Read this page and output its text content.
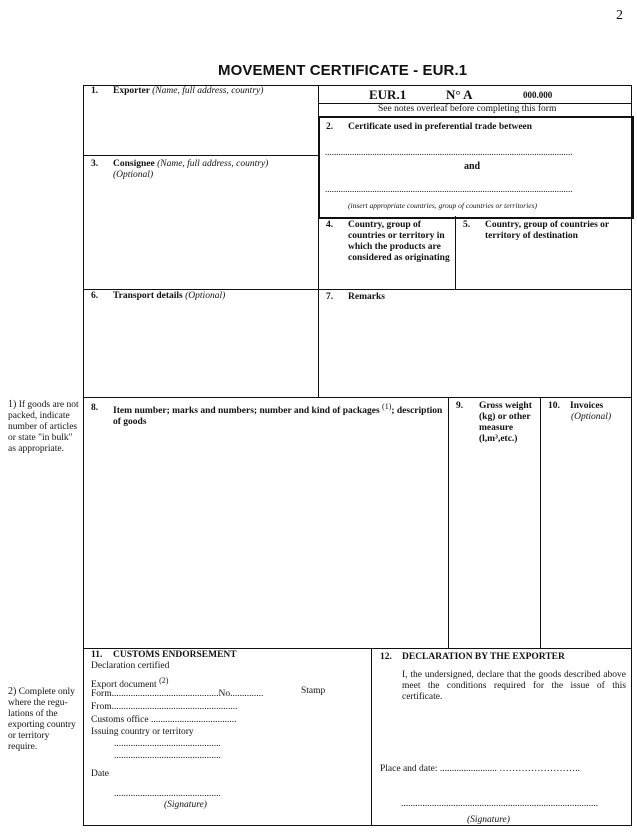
2
MOVEMENT CERTIFICATE - EUR.1
1. Exporter (Name, full address, country)	EUR.1	N° A	000.000
See notes overleaf before completing this form
2. Certificate used in preferential trade between
..............................................................................................................
and
..............................................................................................................
(insert appropriate countries, group of countries or territories)
3. Consignee (Name, full address, country)
(Optional)
4. Country, group of countries or territory in which the products are considered as originating
5. Country, group of countries or territory of destination
6. Transport details (Optional)	7. Remarks
1) If goods are not packed, indicate number of articles or state "in bulk" as appropriate.
8. Item number; marks and numbers; number and kind of packages $^{(1)}$; description of goods
9. Gross weight (kg) or other measure (l,m³,etc.)
10. Invoices
(Optional)
2) Complete only where the regu-lations of the exporting country or territory require.
11. CUSTOMS ENDORSEMENT
Declaration certified
Export document $^{(2)}$
Form.............................................No..............	Stamp
From.....................................................
Customs office ....................................
Issuing country or territory
.............................................
.............................................
Date
.............................................
(Signature)
12. DECLARATION BY THE EXPORTER
I, the undersigned, declare that the goods described above meet the conditions required for the issue of this certificate.
Place and date: ........................ ……………………..
...................................................................................
(Signature)
